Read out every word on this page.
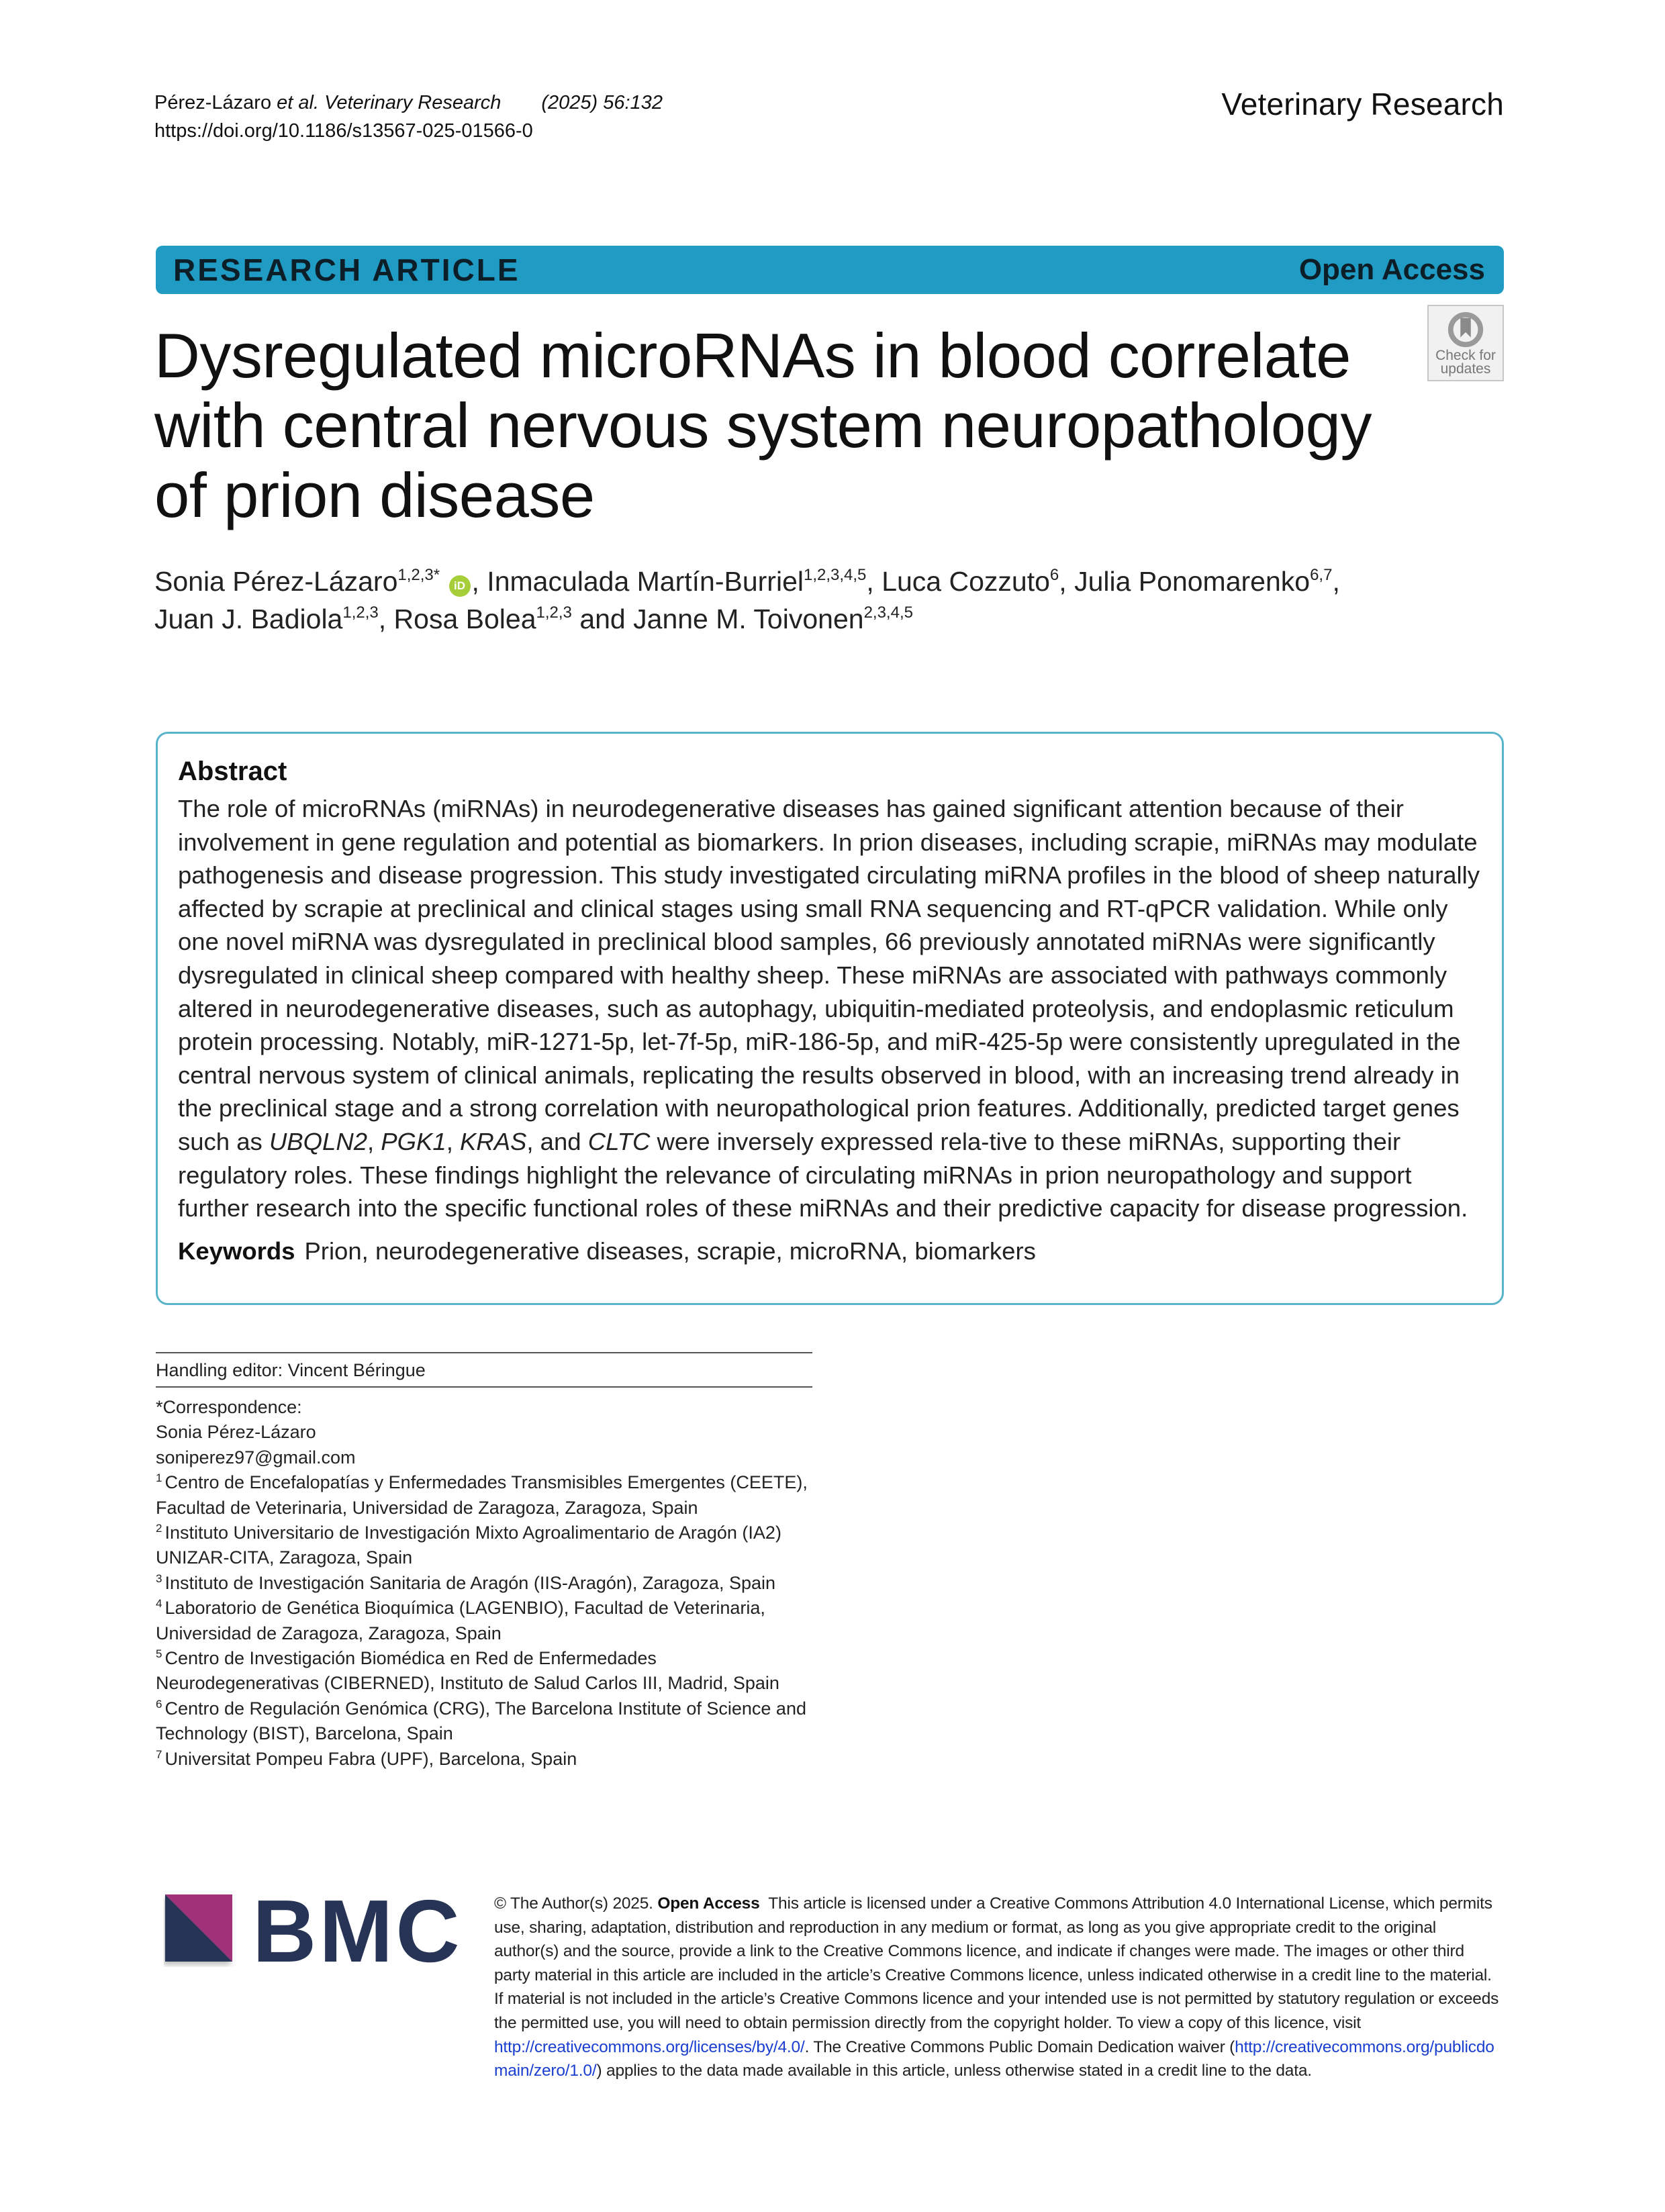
Pérez-Lázaro et al. Veterinary Research (2025) 56:132
https://doi.org/10.1186/s13567-025-01566-0
Veterinary Research
RESEARCH ARTICLE	Open Access
Dysregulated microRNAs in blood correlate
with central nervous system neuropathology
of prion disease
Check for
updates
Sonia Pérez-Lázaro$^{1,2,3*}$ iD , Inmaculada Martín-Burriel$^{1,2,3,4,5}$, Luca Cozzuto$^6$, Julia Ponomarenko$^{6,7}$,
Juan J. Badiola$^{1,2,3}$, Rosa Bolea$^{1,2,3}$ and Janne M. Toivonen$^{2,3,4,5}$
Abstract
The role of microRNAs (miRNAs) in neurodegenerative diseases has gained significant attention because of their involvement in gene regulation and potential as biomarkers. In prion diseases, including scrapie, miRNAs may modulate pathogenesis and disease progression. This study investigated circulating miRNA profiles in the blood of sheep naturally affected by scrapie at preclinical and clinical stages using small RNA sequencing and RT-qPCR validation. While only one novel miRNA was dysregulated in preclinical blood samples, 66 previously annotated miRNAs were significantly dysregulated in clinical sheep compared with healthy sheep. These miRNAs are associated with pathways commonly altered in neurodegenerative diseases, such as autophagy, ubiquitin-mediated proteolysis, and endoplasmic reticulum protein processing. Notably, miR-1271-5p, let-7f-5p, miR-186-5p, and miR-425-5p were consistently upregulated in the central nervous system of clinical animals, replicating the results observed in blood, with an increasing trend already in the preclinical stage and a strong correlation with neuropathological prion features. Additionally, predicted target genes such as UBQLN2, PGK1, KRAS, and CLTC were inversely expressed rela-tive to these miRNAs, supporting their regulatory roles. These findings highlight the relevance of circulating miRNAs in prion neuropathology and support further research into the specific functional roles of these miRNAs and their predictive capacity for disease progression.
Keywords Prion, neurodegenerative diseases, scrapie, microRNA, biomarkers
Handling editor: Vincent Béringue
*Correspondence:
Sonia Pérez-Lázaro
soniperez97@gmail.com
$^1$ Centro de Encefalopatías y Enfermedades Transmisibles Emergentes (CEETE), Facultad de Veterinaria, Universidad de Zaragoza, Zaragoza, Spain
$^2$ Instituto Universitario de Investigación Mixto Agroalimentario de Aragón (IA2) UNIZAR-CITA, Zaragoza, Spain
$^3$ Instituto de Investigación Sanitaria de Aragón (IIS-Aragón), Zaragoza, Spain
$^4$ Laboratorio de Genética Bioquímica (LAGENBIO), Facultad de Veterinaria, Universidad de Zaragoza, Zaragoza, Spain
$^5$ Centro de Investigación Biomédica en Red de Enfermedades Neurodegenerativas (CIBERNED), Instituto de Salud Carlos III, Madrid, Spain
$^6$ Centro de Regulación Genómica (CRG), The Barcelona Institute of Science and Technology (BIST), Barcelona, Spain
$^7$ Universitat Pompeu Fabra (UPF), Barcelona, Spain
BMC © The Author(s) 2025. Open Access This article is licensed under a Creative Commons Attribution 4.0 International License, which permits use, sharing, adaptation, distribution and reproduction in any medium or format, as long as you give appropriate credit to the original author(s) and the source, provide a link to the Creative Commons licence, and indicate if changes were made. The images or other third party material in this article are included in the article’s Creative Commons licence, unless indicated otherwise in a credit line to the material. If material is not included in the article’s Creative Commons licence and your intended use is not permitted by statutory regulation or exceeds the permitted use, you will need to obtain permission directly from the copyright holder. To view a copy of this licence, visit http://creativecommons.org/licenses/by/4.0/. The Creative Commons Public Domain Dedication waiver (http://creativecommons.org/publicdomain/zero/1.0/) applies to the data made available in this article, unless otherwise stated in a credit line to the data.
